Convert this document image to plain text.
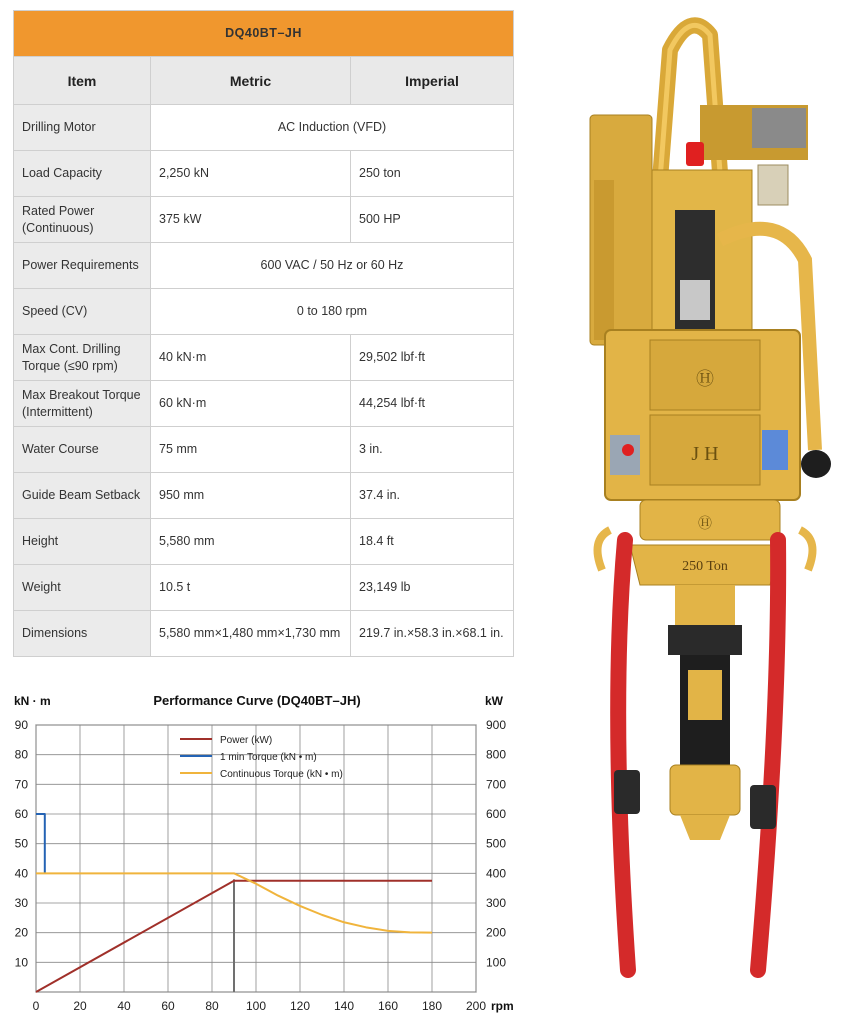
DQ40BT–JH		
Item	Metric	Imperial
Drilling Motor	AC Induction (VFD)	
Load Capacity	2,250 kN	250 ton
Rated Power
(Continuous)	375 kW	500 HP
Power Requirements	600 VAC / 50 Hz or 60 Hz	
Speed (CV)	0 to 180 rpm	
Max Cont. Drilling
Torque (≤90 rpm)	40 kN·m	29,502 lbf·ft
Max Breakout Torque
(Intermittent)	60 kN·m	44,254 lbf·ft
Water Course	75 mm	3 in.
Guide Beam Setback	950 mm	37.4 in.
Height	5,580 mm	18.4 ft
Weight	10.5 t	23,149 lb
Dimensions	5,580 mm×1,480 mm×1,730 mm	219.7 in.×58.3 in.×68.1 in.
Performance Curve (DQ40BT–JH)
kN · m	kW
rpm
0	20	40	60	80 100 120 140 160 180 200
10
20
30
40
50
60
70
80
90
100
200
300
400
500
600
700
800
900
Power (kW)
1 min Torque (kN • m)
Continuous Torque (kN • m)
Ⓗ
J H
Ⓗ
250 Ton
